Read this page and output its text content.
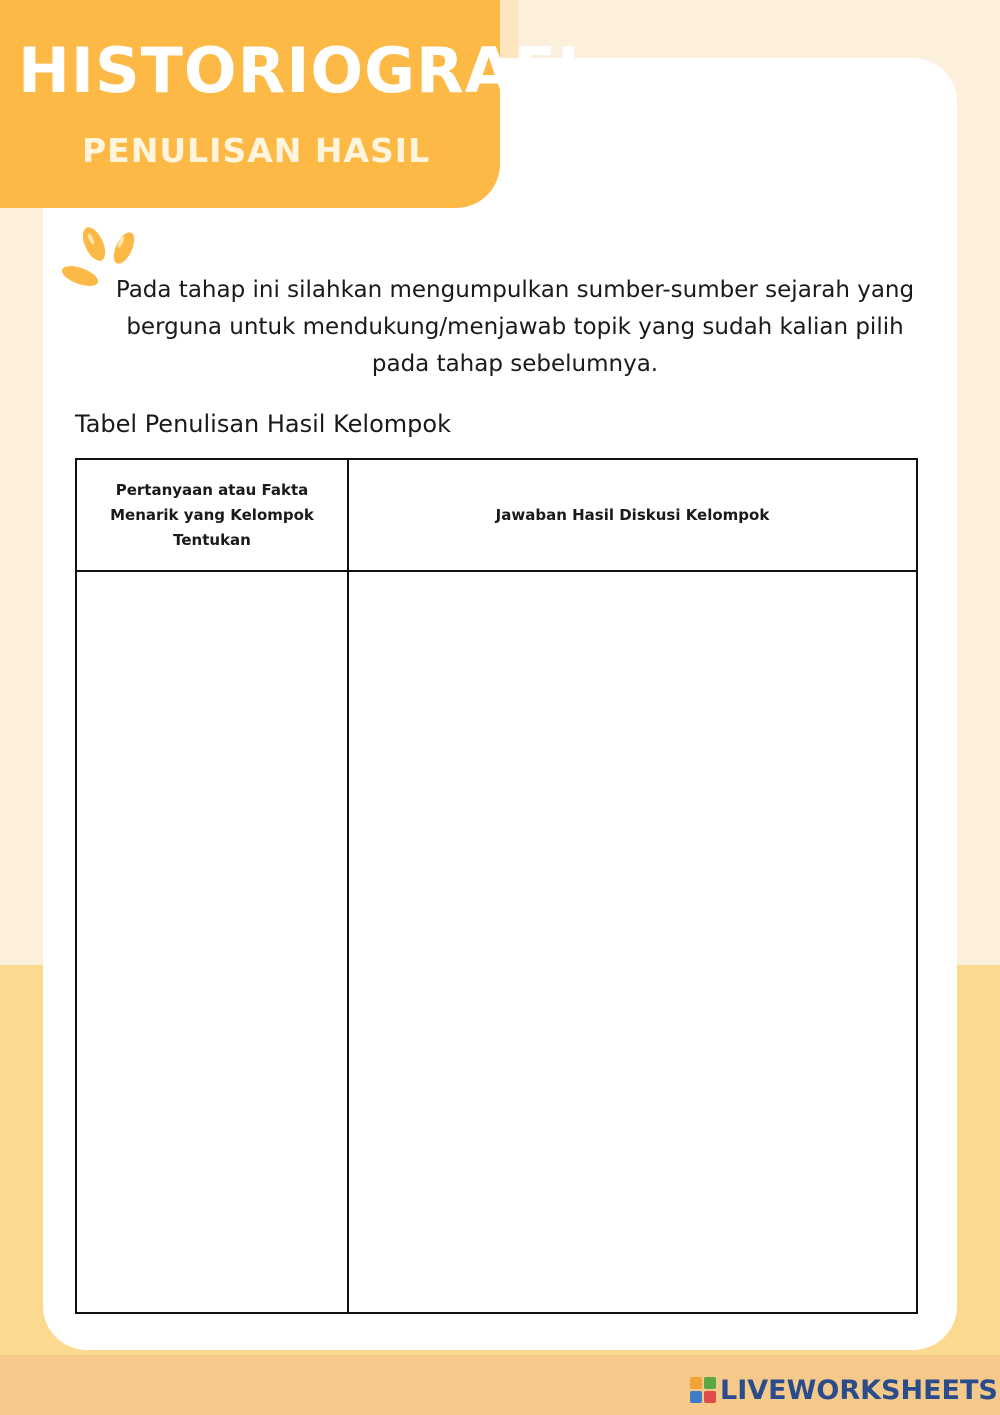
HISTORIOGRAFI
PENULISAN HASIL
Pada tahap ini silahkan mengumpulkan sumber-sumber sejarah yang berguna untuk mendukung/menjawab topik yang sudah kalian pilih pada tahap sebelumnya.
Tabel Penulisan Hasil Kelompok
Pertanyaan atau Fakta Menarik yang Kelompok Tentukan	Jawaban Hasil Diskusi Kelompok

LIVEWORKSHEETS
